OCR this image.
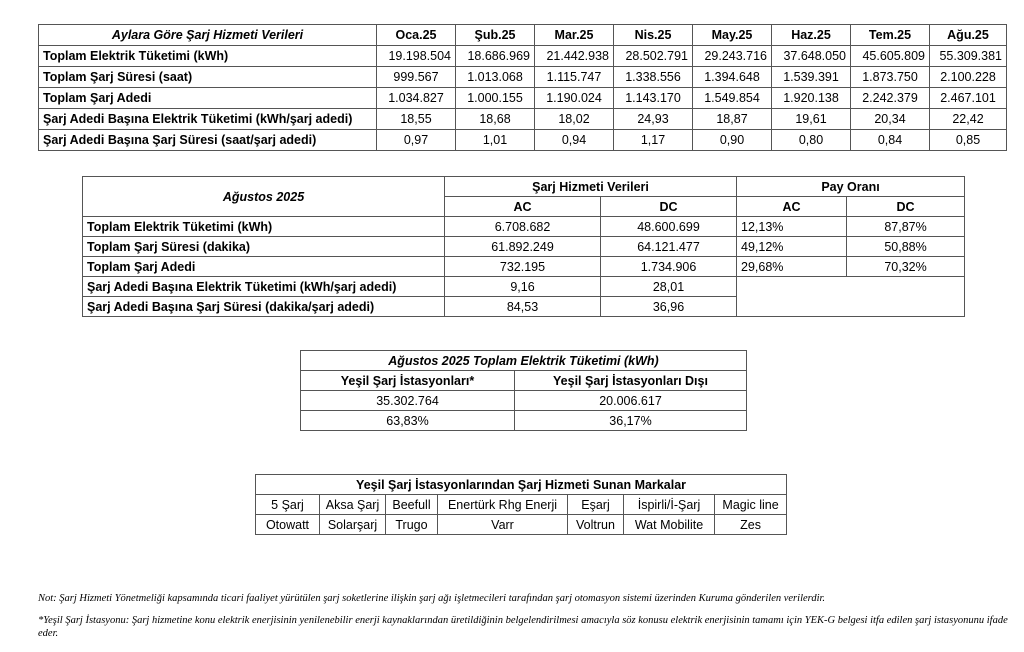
Aylara Göre Şarj Hizmeti Verileri	Oca.25	Şub.25	Mar.25	Nis.25	May.25	Haz.25	Tem.25	Ağu.25
Toplam Elektrik Tüketimi (kWh)	19.198.504	18.686.969	21.442.938	28.502.791	29.243.716	37.648.050	45.605.809	55.309.381
Toplam Şarj Süresi (saat)	999.567	1.013.068	1.115.747	1.338.556	1.394.648	1.539.391	1.873.750	2.100.228
Toplam Şarj Adedi	1.034.827	1.000.155	1.190.024	1.143.170	1.549.854	1.920.138	2.242.379	2.467.101
Şarj Adedi Başına Elektrik Tüketimi (kWh/şarj adedi)	18,55	18,68	18,02	24,93	18,87	19,61	20,34	22,42
Şarj Adedi Başına Şarj Süresi (saat/şarj adedi)	0,97	1,01	0,94	1,17	0,90	0,80	0,84	0,85
Ağustos 2025	Şarj Hizmeti Verileri		Pay Oranı	
	AC	DC	AC	DC
Toplam Elektrik Tüketimi (kWh)	6.708.682	48.600.699	12,13%	87,87%
Toplam Şarj Süresi (dakika)	61.892.249	64.121.477	49,12%	50,88%
Toplam Şarj Adedi	732.195	1.734.906	29,68%	70,32%
Şarj Adedi Başına Elektrik Tüketimi (kWh/şarj adedi)	9,16	28,01		
Şarj Adedi Başına Şarj Süresi (dakika/şarj adedi)	84,53	36,96		
Ağustos 2025 Toplam Elektrik Tüketimi (kWh)	
Yeşil Şarj İstasyonları*	Yeşil Şarj İstasyonları Dışı
35.302.764	20.006.617
63,83%	36,17%
Yeşil Şarj İstasyonlarından Şarj Hizmeti Sunan Markalar						
5 Şarj	Aksa Şarj	Beefull	Enertürk Rhg Enerji	Eşarj	İspirli/İ-Şarj	Magic line
Otowatt	Solarşarj	Trugo	Varr	Voltrun	Wat Mobilite	Zes
Not: Şarj Hizmeti Yönetmeliği kapsamında ticari faaliyet yürütülen şarj soketlerine ilişkin şarj ağı işletmecileri tarafından şarj otomasyon sistemi üzerinden Kuruma gönderilen verilerdir.
*Yeşil Şarj İstasyonu: Şarj hizmetine konu elektrik enerjisinin yenilenebilir enerji kaynaklarından üretildiğinin belgelendirilmesi amacıyla söz konusu elektrik enerjisinin tamamı için YEK-G belgesi itfa edilen şarj istasyonunu ifade eder.
